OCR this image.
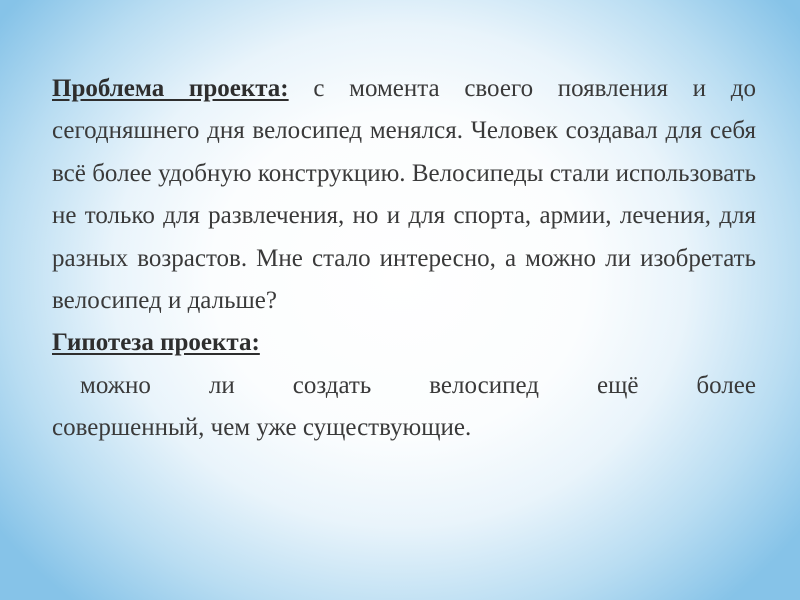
Проблема проекта: с момента своего появления и до сегодняшнего дня велосипед менялся. Человек создавал для себя всё более удобную конструкцию. Велосипеды стали использовать не только для развлечения, но и для спорта, армии, лечения, для разных возрастов. Мне стало интересно, а можно ли изобретать велосипед и дальше?

Гипотеза проекта:

можно ли создать велосипед ещё более

совершенный, чем уже существующие.
